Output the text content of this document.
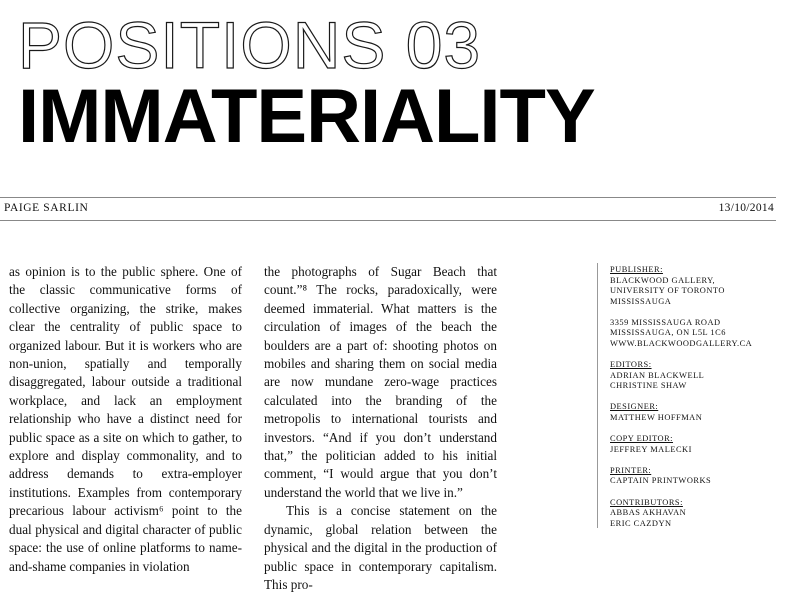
POSITIONS 03
IMMATERIALITY
PAIGE SARLIN	13/10/2014

as opinion is to the public sphere. One of the classic communicative forms of collective organizing, the strike, makes clear the centrality of public space to organized labour. But it is workers who are non-union, spatially and temporally disaggregated, labour outside a traditional workplace, and lack an employment relationship who have a distinct need for public space as a site on which to gather, to explore and display commonality, and to address demands to extra-employer institutions. Examples from contemporary precarious labour activism⁶ point to the dual physical and digital character of public space: the use of online platforms to name-and-shame companies in violation

the photographs of Sugar Beach that count.”⁸ The rocks, paradoxically, were deemed immaterial. What matters is the circulation of images of the beach the boulders are a part of: shooting photos on mobiles and sharing them on social media are now mundane zero-wage practices calculated into the branding of the metropolis to international tourists and investors. “And if you don’t understand that,” the politician added to his initial comment, “I would argue that you don’t understand the world that we live in.”

This is a concise statement on the dynamic, global relation between the physical and the digital in the production of public space in contemporary capitalism. This pro-

PUBLISHER:
BLACKWOOD GALLERY,
UNIVERSITY OF TORONTO
MISSISSAUGA
3359 MISSISSAUGA ROAD
MISSISSAUGA, ON L5L 1C6
WWW.BLACKWOODGALLERY.CA
EDITORS:
ADRIAN BLACKWELL
CHRISTINE SHAW
DESIGNER:
MATTHEW HOFFMAN
COPY EDITOR:
JEFFREY MALECKI
PRINTER:
CAPTAIN PRINTWORKS
CONTRIBUTORS:
ABBAS AKHAVAN
ERIC CAZDYN
